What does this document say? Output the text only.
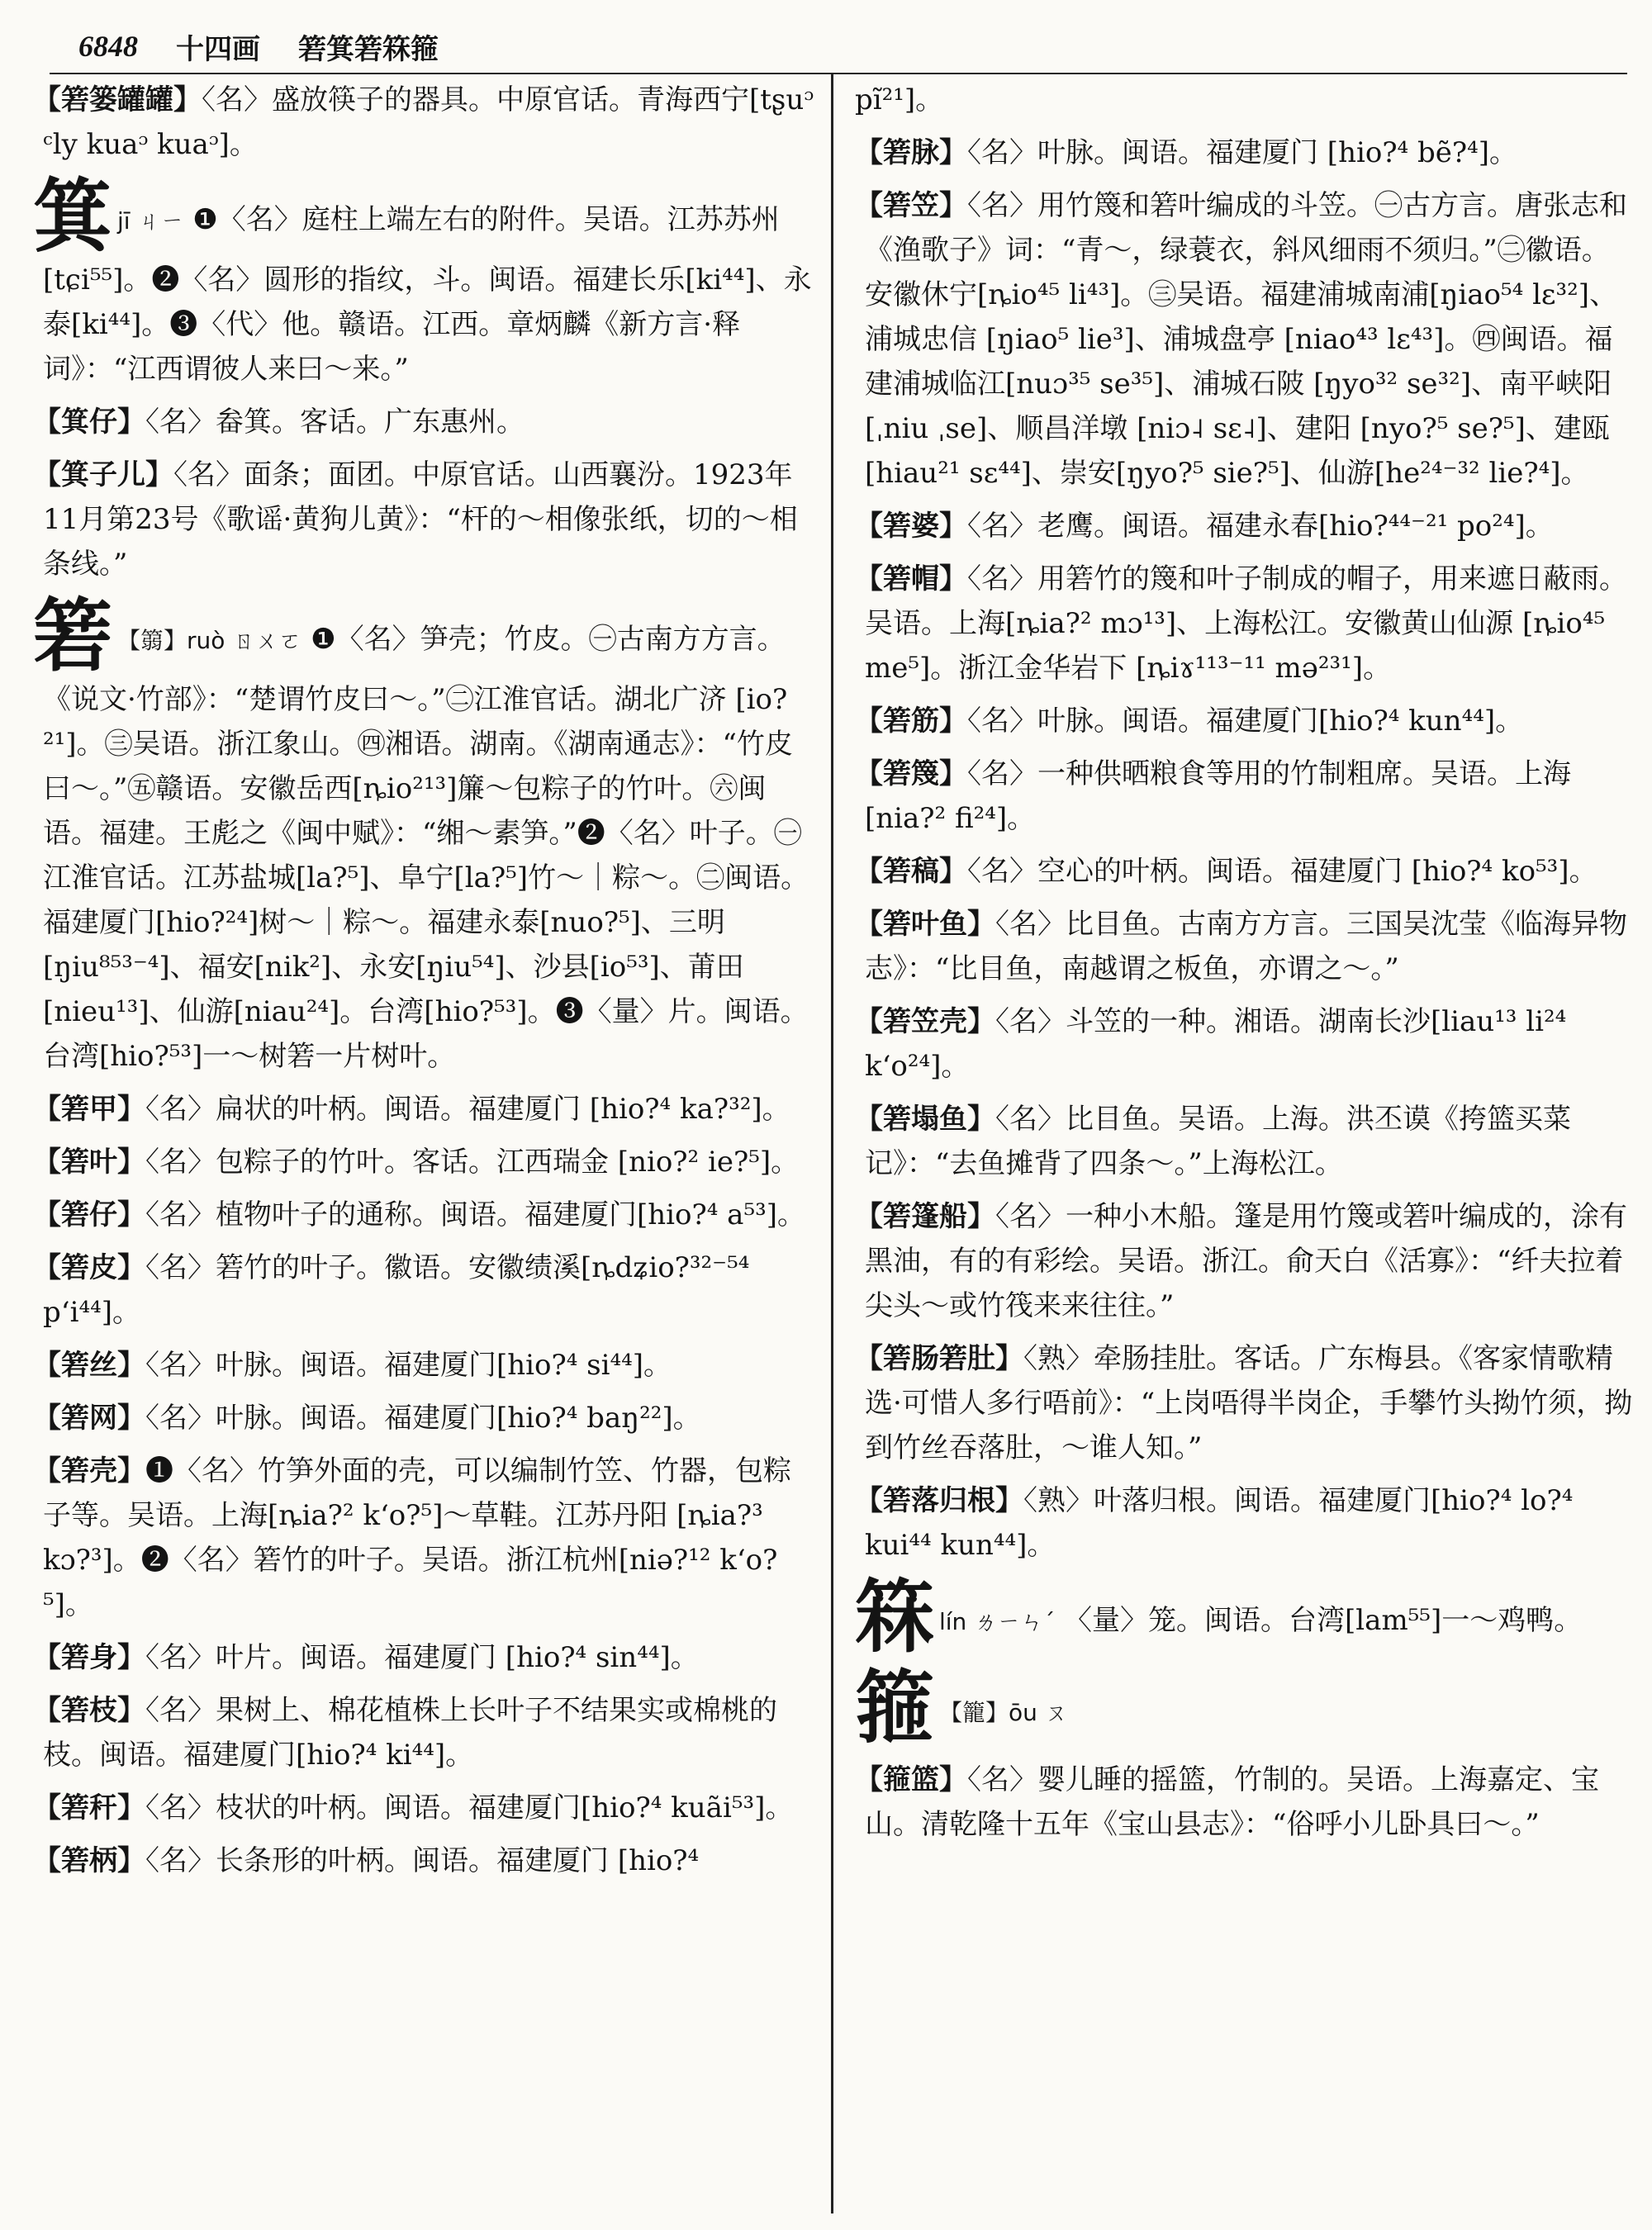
6848 十四画 箬箕箬箖箍
【箬篓罐罐】〈名〉盛放筷子的器具。中原官话。青海西宁[tʂuᵓ ᶜly kuaᵓ kuaᵓ]。
箕jī ㄐㄧ ❶〈名〉庭柱上端左右的附件。吴语。江苏苏州[tɕi⁵⁵]。❷〈名〉圆形的指纹，斗。闽语。福建长乐[ki⁴⁴]、永泰[ki⁴⁴]。❸〈代〉他。赣语。江西。章炳麟《新方言·释词》：“江西谓彼人来曰～来。”
【箕仔】〈名〉畚箕。客话。广东惠州。
【箕子儿】〈名〉面条；面团。中原官话。山西襄汾。1923年11月第23号《歌谣·黄狗儿黄》：“杆的～相像张纸，切的～相条线。”
箬 【篛】ruò ㄖㄨㄛ ❶〈名〉笋壳；竹皮。㊀古南方方言。《说文·竹部》：“楚谓竹皮曰～。”㊁江淮官话。湖北广济 [io?²¹]。㊂吴语。浙江象山。㊃湘语。湖南。《湖南通志》：“竹皮曰～。”㊄赣语。安徽岳西[ȵio²¹³]簾～包粽子的竹叶。㊅闽语。福建。王彪之《闽中赋》：“缃～素笋。”❷〈名〉叶子。㊀江淮官话。江苏盐城[la?⁵]、阜宁[la?⁵]竹～｜粽～。㊁闽语。福建厦门[hio?²⁴]树～｜粽～。福建永泰[nuo?⁵]、三明[ŋiu⁸⁵³⁻⁴]、福安[nik²]、永安[ŋiu⁵⁴]、沙县[io⁵³]、莆田[nieu¹³]、仙游[niau²⁴]。台湾[hio?⁵³]。❸〈量〉片。闽语。台湾[hio?⁵³]一～树箬一片树叶。
【箬甲】〈名〉扁状的叶柄。闽语。福建厦门 [hio?⁴ ka?³²]。
【箬叶】〈名〉包粽子的竹叶。客话。江西瑞金 [nio?² ie?⁵]。
【箬仔】〈名〉植物叶子的通称。闽语。福建厦门[hio?⁴ a⁵³]。
【箬皮】〈名〉箬竹的叶子。徽语。安徽绩溪[ȵdʑio?³²⁻⁵⁴ pʻi⁴⁴]。
【箬丝】〈名〉叶脉。闽语。福建厦门[hio?⁴ si⁴⁴]。
【箬网】〈名〉叶脉。闽语。福建厦门[hio?⁴ baŋ²²]。
【箬壳】❶〈名〉竹笋外面的壳，可以编制竹笠、竹器，包粽子等。吴语。上海[ȵia?² kʻo?⁵]～草鞋。江苏丹阳 [ȵia?³ kɔ?³]。❷〈名〉箬竹的叶子。吴语。浙江杭州[niə?¹² kʻo?⁵]。
【箬身】〈名〉叶片。闽语。福建厦门 [hio?⁴ sin⁴⁴]。
【箬枝】〈名〉果树上、棉花植株上长叶子不结果实或棉桃的枝。闽语。福建厦门[hio?⁴ ki⁴⁴]。
【箬秆】〈名〉枝状的叶柄。闽语。福建厦门[hio?⁴ kuãi⁵³]。
【箬柄】〈名〉长条形的叶柄。闽语。福建厦门 [hio?⁴
pĩ²¹]。
【箬脉】〈名〉叶脉。闽语。福建厦门 [hio?⁴ bẽ?⁴]。
【箬笠】〈名〉用竹篾和箬叶编成的斗笠。㊀古方言。唐张志和《渔歌子》词：“青～，绿蓑衣，斜风细雨不须归。”㊁徽语。安徽休宁[ȵio⁴⁵ li⁴³]。㊂吴语。福建浦城南浦[ŋiao⁵⁴ lɛ³²]、浦城忠信 [ŋiao⁵ lie³]、浦城盘亭 [niao⁴³ lɛ⁴³]。㊃闽语。福建浦城临江[nuɔ³⁵ se³⁵]、浦城石陂 [ŋyo³² se³²]、南平峡阳[ˌniu ˌse]、顺昌洋墩 [niɔ˨ sɛ˨]、建阳 [nyo?⁵ se?⁵]、建瓯 [hiau²¹ sɛ⁴⁴]、崇安[ŋyo?⁵ sie?⁵]、仙游[he²⁴⁻³² lie?⁴]。
【箬婆】〈名〉老鹰。闽语。福建永春[hio?⁴⁴⁻²¹ po²⁴]。
【箬帽】〈名〉用箬竹的篾和叶子制成的帽子，用来遮日蔽雨。吴语。上海[ȵia?² mɔ¹³]、上海松江。安徽黄山仙源 [ȵio⁴⁵ me⁵]。浙江金华岩下 [ȵiɤ¹¹³⁻¹¹ mə²³¹]。
【箬筋】〈名〉叶脉。闽语。福建厦门[hio?⁴ kun⁴⁴]。
【箬篾】〈名〉一种供晒粮食等用的竹制粗席。吴语。上海[nia?² fi²⁴]。
【箬稿】〈名〉空心的叶柄。闽语。福建厦门 [hio?⁴ ko⁵³]。
【箬叶鱼】〈名〉比目鱼。古南方方言。三国吴沈莹《临海异物志》：“比目鱼，南越谓之板鱼，亦谓之～。”
【箬笠壳】〈名〉斗笠的一种。湘语。湖南长沙[liau¹³ li²⁴ kʻo²⁴]。
【箬塌鱼】〈名〉比目鱼。吴语。上海。洪丕谟《挎篮买菜记》：“去鱼摊背了四条～。”上海松江。
【箬篷船】〈名〉一种小木船。篷是用竹篾或箬叶编成的，涂有黑油，有的有彩绘。吴语。浙江。俞天白《活寡》：“纤夫拉着尖头～或竹筏来来往往。”
【箬肠箬肚】〈熟〉牵肠挂肚。客话。广东梅县。《客家情歌精选·可惜人多行唔前》：“上岗唔得半岗企，手攀竹头拗竹须，拗到竹丝吞落肚，～谁人知。”
【箬落归根】〈熟〉叶落归根。闽语。福建厦门[hio?⁴ lo?⁴ kui⁴⁴ kun⁴⁴]。
箖lín ㄌㄧㄣˊ 〈量〉笼。闽语。台湾[lam⁵⁵]一～鸡鸭。
箍 【籠】ōu ㄡ
【箍篮】〈名〉婴儿睡的摇篮，竹制的。吴语。上海嘉定、宝山。清乾隆十五年《宝山县志》：“俗呼小儿卧具曰～。”
